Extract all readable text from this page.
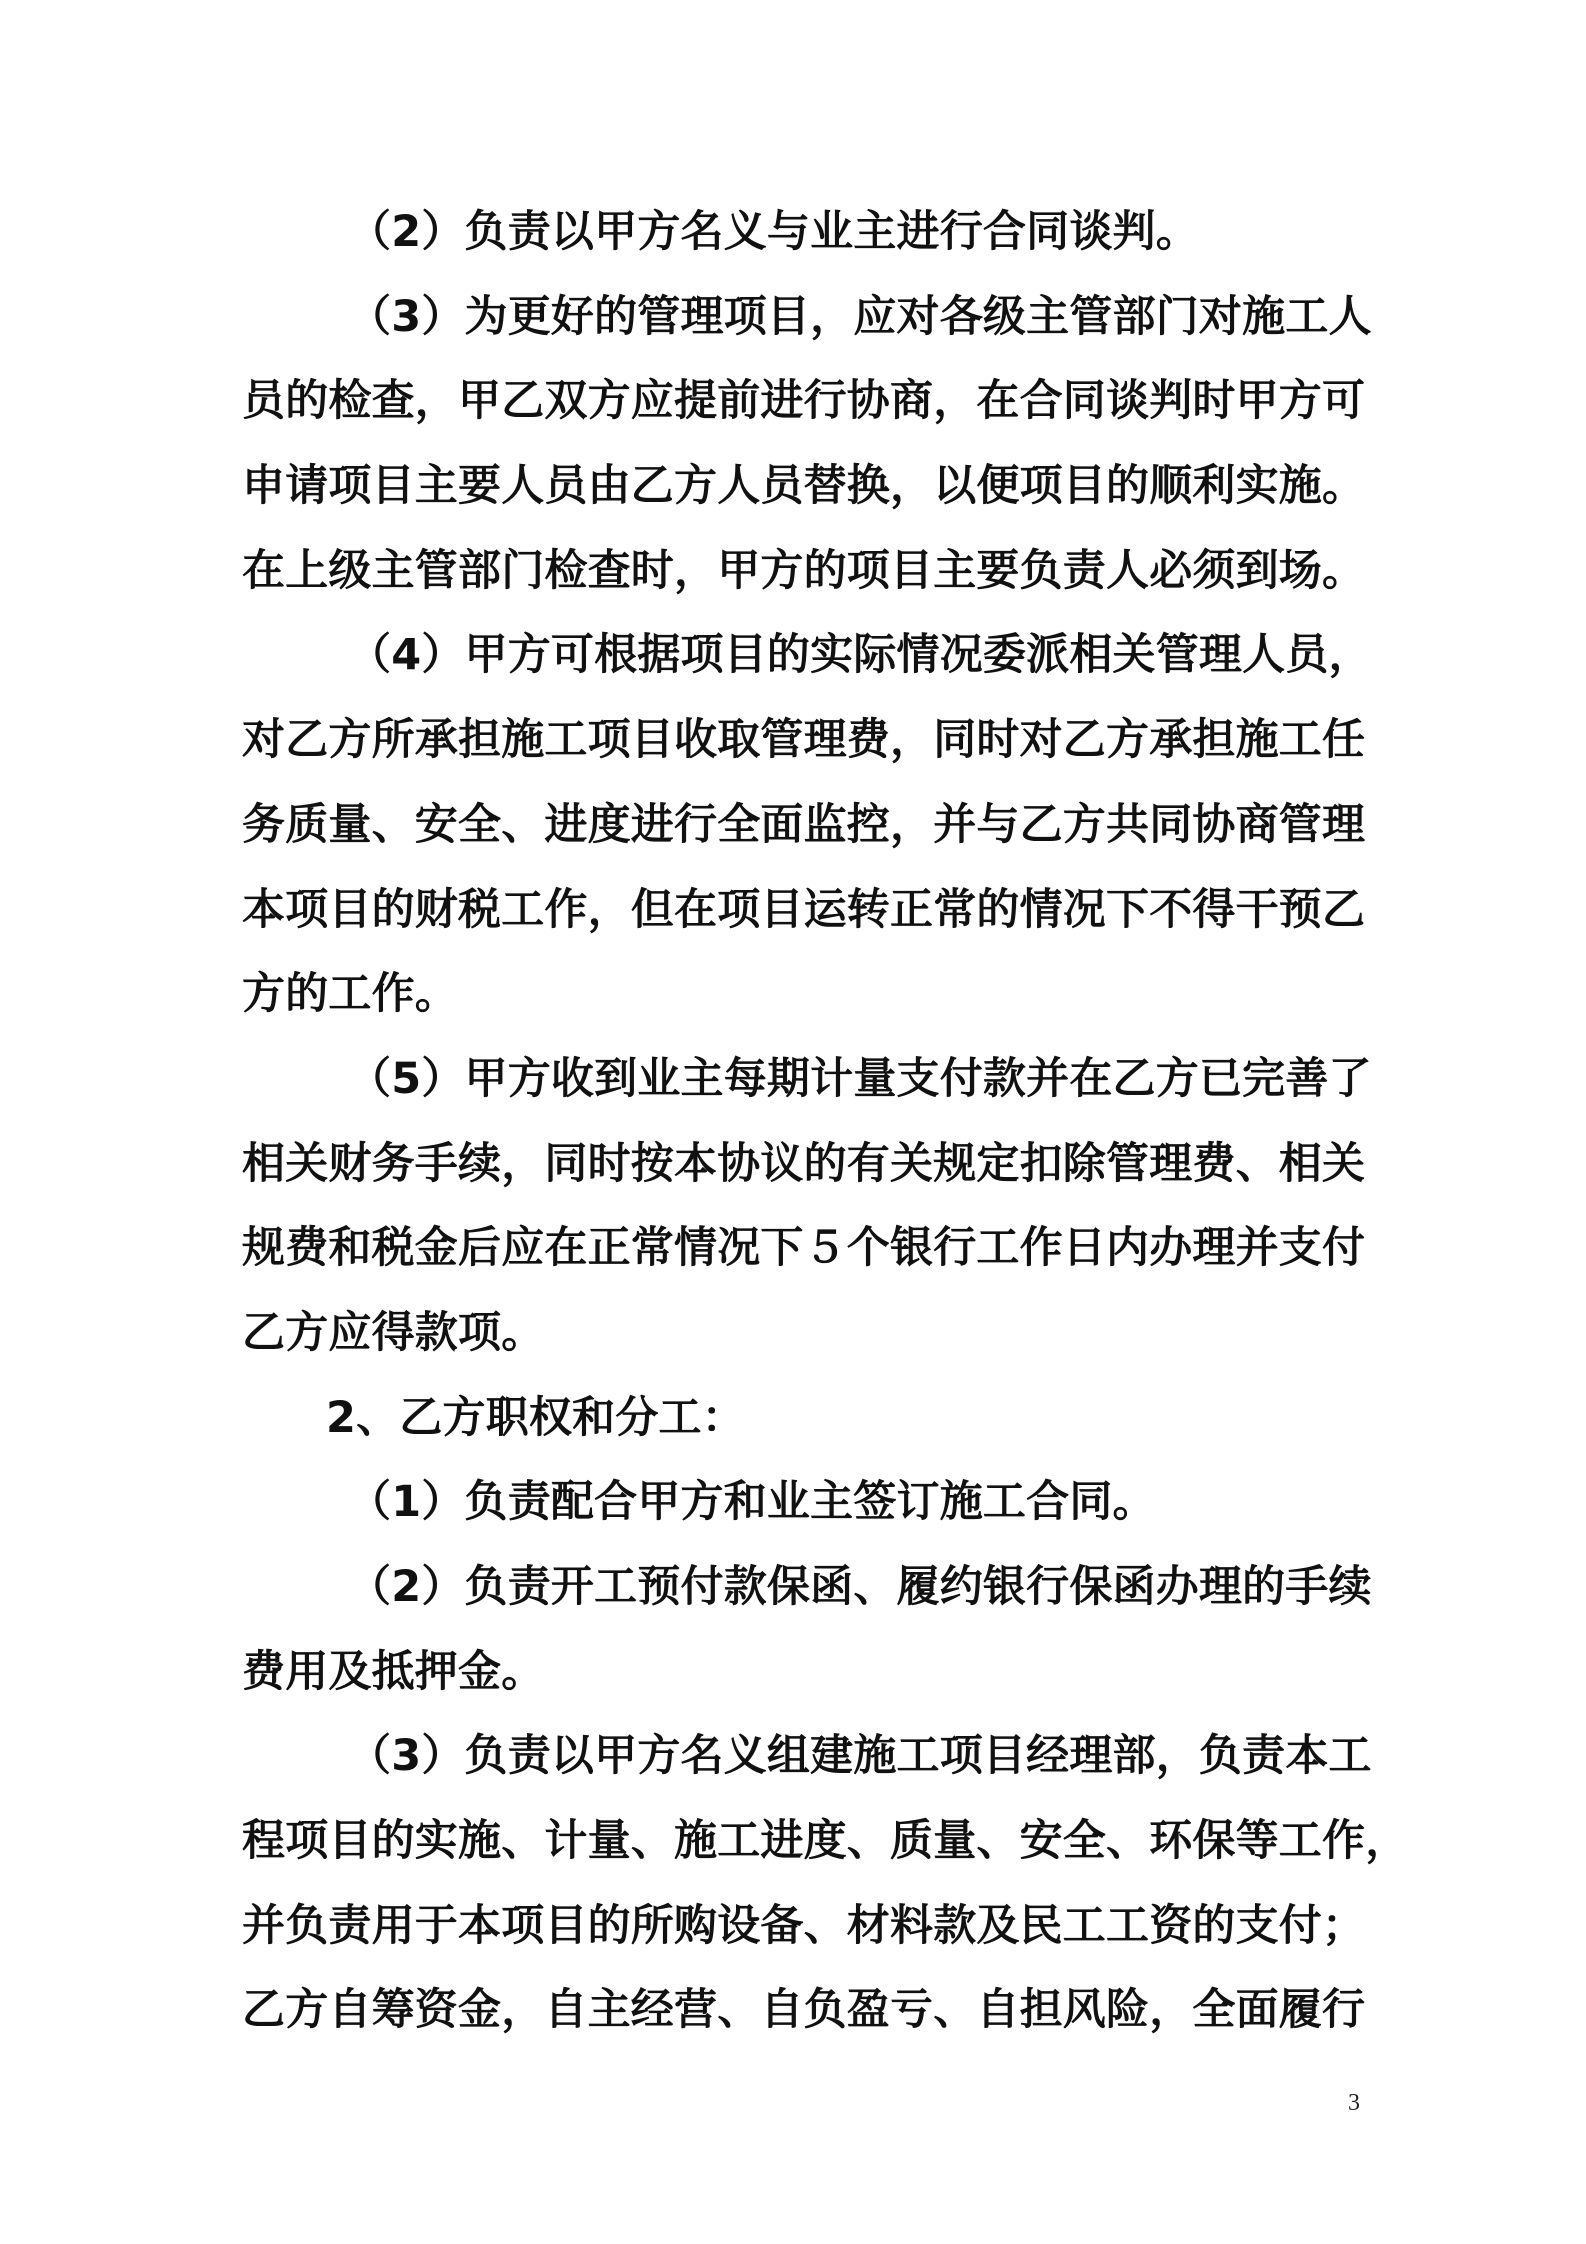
（2）负责以甲方名义与业主进行合同谈判。
（3）为更好的管理项目，应对各级主管部门对施工人
员的检查，甲乙双方应提前进行协商，在合同谈判时甲方可
申请项目主要人员由乙方人员替换，以便项目的顺利实施。
在上级主管部门检查时，甲方的项目主要负责人必须到场。
（4）甲方可根据项目的实际情况委派相关管理人员，
对乙方所承担施工项目收取管理费，同时对乙方承担施工任
务质量、安全、进度进行全面监控，并与乙方共同协商管理
本项目的财税工作，但在项目运转正常的情况下不得干预乙
方的工作。
（5）甲方收到业主每期计量支付款并在乙方已完善了
相关财务手续，同时按本协议的有关规定扣除管理费、相关
规费和税金后应在正常情况下５个银行工作日内办理并支付
乙方应得款项。
2、乙方职权和分工：
（1）负责配合甲方和业主签订施工合同。
（2）负责开工预付款保函、履约银行保函办理的手续
费用及抵押金。
（3）负责以甲方名义组建施工项目经理部，负责本工
程项目的实施、计量、施工进度、质量、安全、环保等工作，
并负责用于本项目的所购设备、材料款及民工工资的支付；
乙方自筹资金，自主经营、自负盈亏、自担风险，全面履行
3
